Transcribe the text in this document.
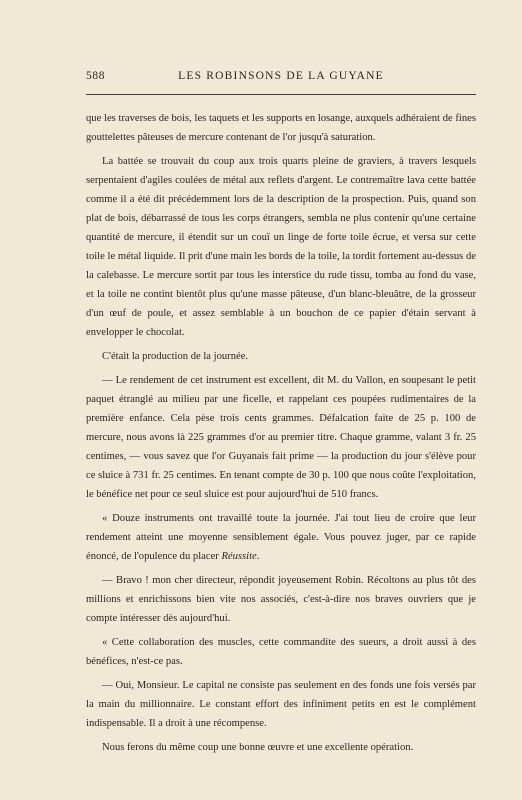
588	LES ROBINSONS DE LA GUYANE

que les traverses de bois, les taquets et les supports en losange, auxquels adhéraient de fines gouttelettes pâteuses de mercure contenant de l'or jusqu'à saturation.

La battée se trouvait du coup aux trois quarts pleine de graviers, à travers lesquels serpentaient d'agiles coulées de métal aux reflets d'argent. Le contremaître lava cette battée comme il a été dit précédemment lors de la description de la prospection. Puis, quand son plat de bois, débarrassé de tous les corps étrangers, sembla ne plus contenir qu'une certaine quantité de mercure, il étendit sur un couï un linge de forte toile écrue, et versa sur cette toile le métal liquide. Il prit d'une main les bords de la toile, la tordit fortement au-dessus de la calebasse. Le mercure sortit par tous les interstice du rude tissu, tomba au fond du vase, et la toile ne contint bientôt plus qu'une masse pâteuse, d'un blanc-bleuâtre, de la grosseur d'un œuf de poule, et assez semblable à un bouchon de ce papier d'étain servant à envelopper le chocolat.

C'était la production de la journée.

— Le rendement de cet instrument est excellent, dit M. du Vallon, en soupesant le petit paquet étranglé au milieu par une ficelle, et rappelant ces poupées rudimentaires de la première enfance. Cela pèse trois cents grammes. Défalcation faite de 25 p. 100 de mercure, nous avons là 225 grammes d'or au premier titre. Chaque gramme, valant 3 fr. 25 centimes, — vous savez que l'or Guyanais fait prime — la production du jour s'élève pour ce sluice à 731 fr. 25 centimes. En tenant compte de 30 p. 100 que nous coûte l'exploitation, le bénéfice net pour ce seul sluice est pour aujourd'hui de 510 francs.

« Douze instruments ont travaillé toute la journée. J'ai tout lieu de croire que leur rendement atteint une moyenne sensiblement égale. Vous pouvez juger, par ce rapide énoncé, de l'opulence du placer Réussite.

— Bravo ! mon cher directeur, répondit joyeusement Robin. Récoltons au plus tôt des millions et enrichissons bien vite nos associés, c'est-à-dire nos braves ouvriers que je compte intéresser dès aujourd'hui.

« Cette collaboration des muscles, cette commandite des sueurs, a droit aussi à des bénéfices, n'est-ce pas.

— Oui, Monsieur. Le capital ne consiste pas seulement en des fonds une fois versés par la main du millionnaire. Le constant effort des infiniment petits en est le complément indispensable. Il a droit à une récompense.

Nous ferons du même coup une bonne œuvre et une excellente opération.
